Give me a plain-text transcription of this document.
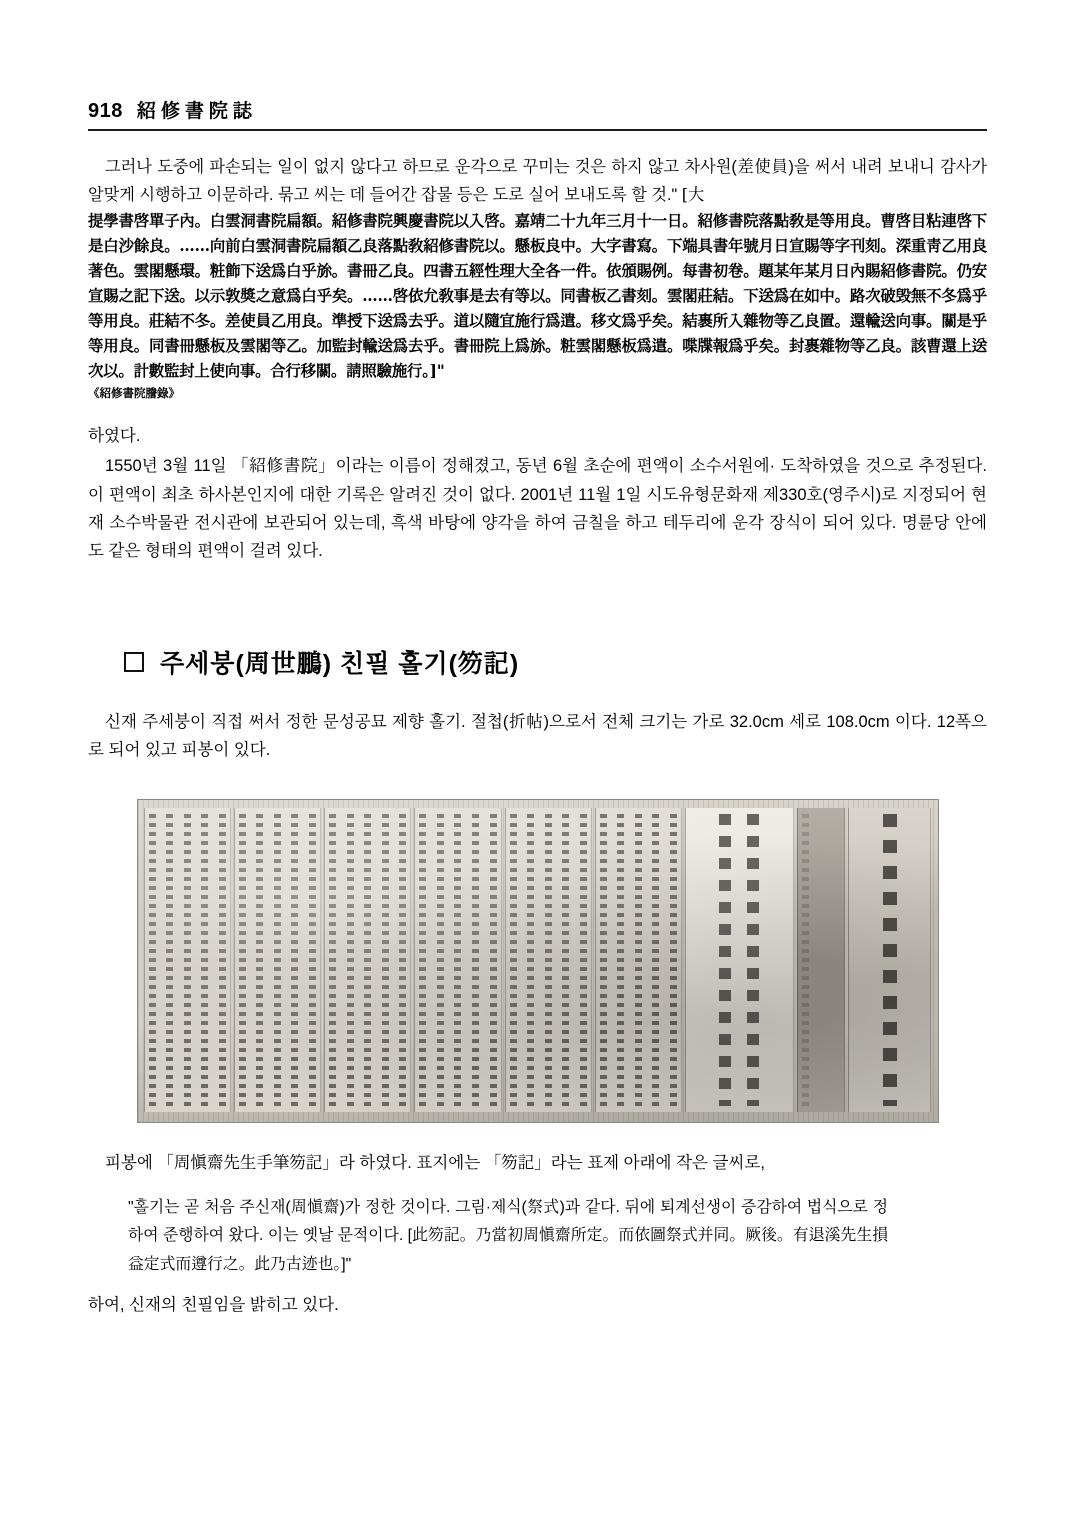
918 紹修書院誌

그러나 도중에 파손되는 일이 없지 않다고 하므로 운각으로 꾸미는 것은 하지 않고 차사원(差使員)을 써서 내려 보내니 감사가 알맞게 시행하고 이문하라. 묶고 씨는 데 들어간 잡물 등은 도로 실어 보내도록 할 것." [大

提學書啓單子內。白雲洞書院扁額。紹修書院興慶書院以入啓。嘉靖二十九年三月十一日。紹修書院落點敎是等用良。曹啓目粘連啓下是白沙餘良。……向前白雲洞書院扁額乙良落點敎紹修書院以。懸板良中。大字書寫。下端具書年號月日宣賜等字刊刻。深重靑乙用良著色。雲閣懸環。粧飾下送爲白乎旀。書冊乙良。四書五經性理大全各一件。依頒賜例。每書初卷。題某年某月日內賜紹修書院。仍安宣賜之記下送。以示敦奬之意爲白乎矣。……啓依允敎事是去有等以。同書板乙書刻。雲閣莊結。下送爲在如中。路次破毁無不冬爲乎等用良。莊結不冬。差使員乙用良。準授下送爲去乎。道以隨宜施行爲遣。移文爲乎矣。結裹所入雜物等乙良置。還輸送向事。關是乎等用良。同書冊懸板及雲閣等乙。加監封輸送爲去乎。書冊院上爲旀。粧雲閣懸板爲遣。喋牒報爲乎矣。封裹雜物等乙良。該曹還上送次以。計數監封上使向事。合行移關。請照驗施行。]"

《紹修書院謄錄》

하였다.

1550년 3월 11일 「紹修書院」이라는 이름이 정해졌고, 동년 6월 초순에 편액이 소수서원에· 도착하였을 것으로 추정된다. 이 편액이 최초 하사본인지에 대한 기록은 알려진 것이 없다. 2001년 11월 1일 시도유형문화재 제330호(영주시)로 지정되어 현재 소수박물관 전시관에 보관되어 있는데, 흑색 바탕에 양각을 하여 금칠을 하고 테두리에 운각 장식이 되어 있다. 명륜당 안에도 같은 형태의 편액이 걸려 있다.

주세붕(周世鵬) 친필 홀기(笏記)

신재 주세붕이 직접 써서 정한 문성공묘 제향 홀기. 절첩(折帖)으로서 전체 크기는 가로 32.0cm 세로 108.0cm 이다. 12폭으로 되어 있고 피봉이 있다.

피봉에 「周愼齋先生手筆笏記」라 하였다. 표지에는 「笏記」라는 표제 아래에 작은 글씨로,

"홀기는 곧 처음 주신재(周愼齋)가 정한 것이다. 그림·제식(祭式)과 같다. 뒤에 퇴계선생이 증감하여 법식으로 정하여 준행하여 왔다. 이는 옛날 문적이다. [此笏記。乃當初周愼齋所定。而依圖祭式并同。厥後。有退溪先生損益定式而遵行之。此乃古迹也。]"

하여, 신재의 친필임을 밝히고 있다.
